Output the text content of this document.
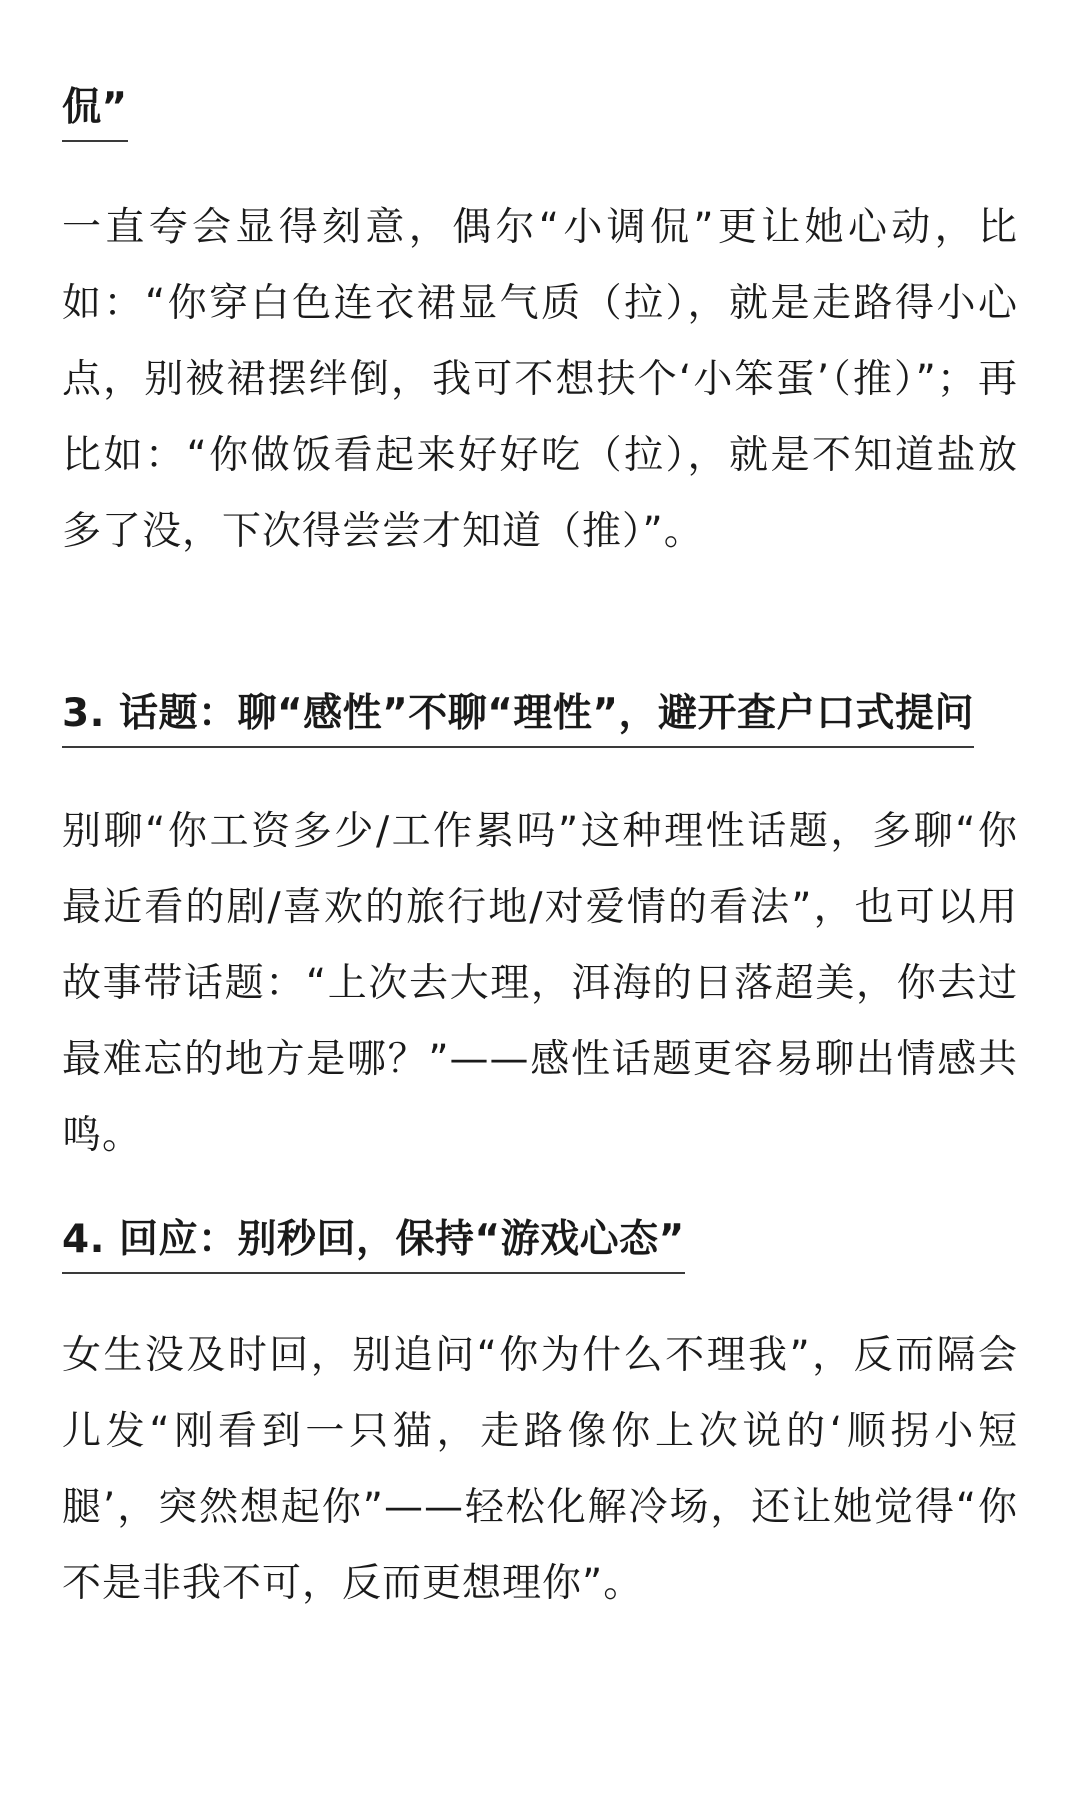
侃”

一直夸会显得刻意，偶尔“小调侃”更让她心动，比如：“你穿白色连衣裙显气质（拉），就是走路得小心点，别被裙摆绊倒，我可不想扶个‘小笨蛋’（推）”；再比如：“你做饭看起来好好吃（拉），就是不知道盐放多了没，下次得尝尝才知道（推）”。

3. 话题：聊“感性”不聊“理性”，避开查户口式提问

别聊“你工资多少/工作累吗”这种理性话题，多聊“你最近看的剧/喜欢的旅行地/对爱情的看法”，也可以用故事带话题：“上次去大理，洱海的日落超美，你去过最难忘的地方是哪？”——感性话题更容易聊出情感共鸣。

4. 回应：别秒回，保持“游戏心态”

女生没及时回，别追问“你为什么不理我”，反而隔会儿发“刚看到一只猫，走路像你上次说的‘顺拐小短腿’，突然想起你”——轻松化解冷场，还让她觉得“你不是非我不可，反而更想理你”。
